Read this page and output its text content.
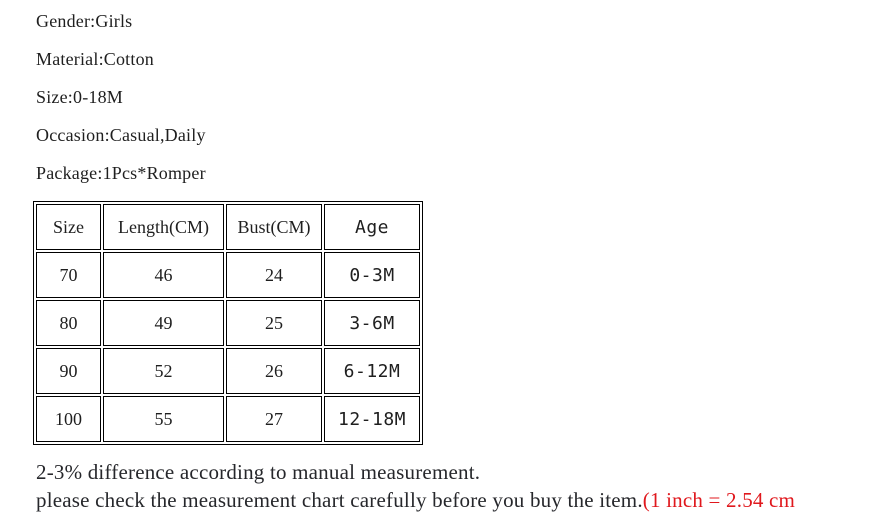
Gender:Girls

Material:Cotton

Size:0-18M

Occasion:Casual,Daily

Package:1Pcs*Romper

Size	Length(CM)	Bust(CM)	Age
70	46	24	0-3M
80	49	25	3-6M
90	52	26	6-12M
100	55	27	12-18M

2-3% difference according to manual measurement.

please check the measurement chart carefully before you buy the item.(1 inch = 2.54 cm
